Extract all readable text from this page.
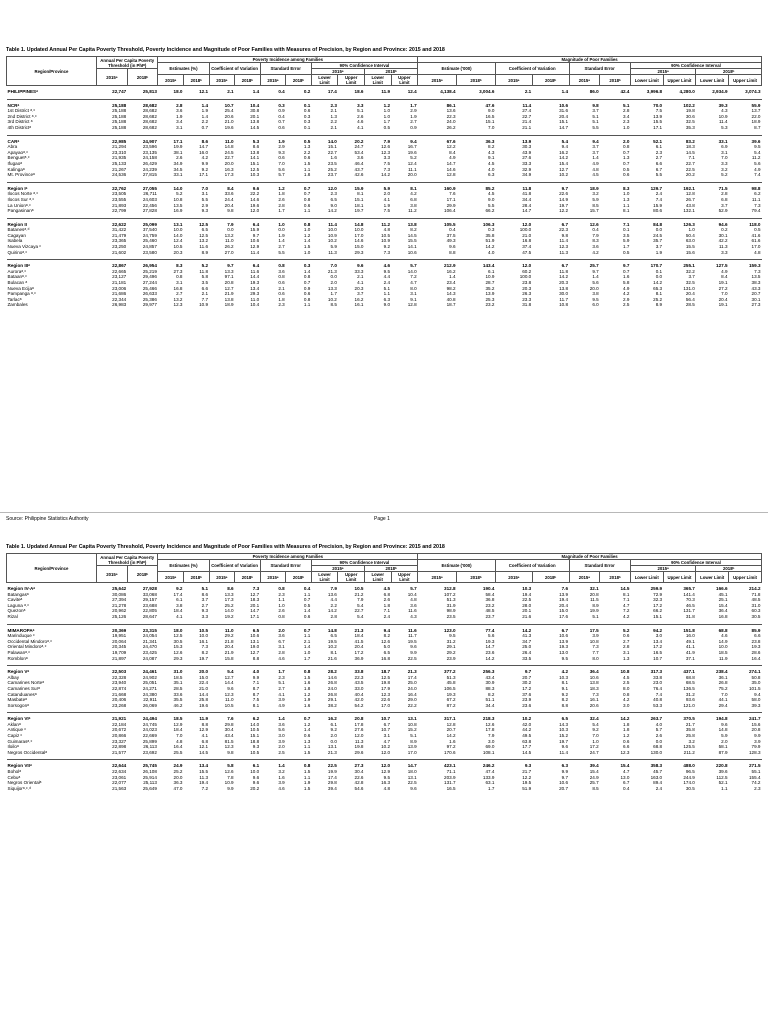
Table 1. Updated Annual Per Capita Poverty Threshold, Poverty Incidence and Magnitude of Poor Families with Measures of Precision, by Region and Province: 2015 and 2018
Region/Province	Annual Per Capita Poverty Threshold (in PhP)		Poverty Incidence among Families										Magnitude of Poor Families									
			Estimates (%)		Coefficient of Variation		Standard Error		90% Confidence Interval				Estimate ('000)		Coefficient of Variation		Standard Error		90% Confidence Interval			
	2015ᵃ	2018ᵇ							2015ᵃ		2018ᵇ								2015ᵃ		2018ᵇ	
			2015ᵃ	2018ᵇ	2015ᵃ	2018ᵇ	2015ᵃ	2018ᵇ	Lower Limit	Upper Limit	Lower Limit	Upper Limit	2015ᵃ	2018ᵇ	2015ᵃ	2018ᵇ	2015ᵃ	2018ᵇ	Lower Limit	Upper Limit	Lower Limit	Upper Limit
PHILIPPINESᵃ	22,747	25,813	18.0	12.1	2.1	1.4	0.4	0.2	17.4	18.6	11.9	12.4	4,138.4	3,004.6	2.1	1.4	86.0	42.4	3,996.8	4,280.0	2,934.9	3,074.3
NCRᵃ	25,188	28,682	2.8	1.4	10.7	10.4	0.3	0.1	2.3	3.3	1.2	1.7	86.1	47.6	11.4	10.6	9.8	5.1	70.0	102.2	39.3	55.9
1st District ᵃ˒ᶜ	25,188	28,682	3.6	1.9	25.4	30.8	0.9	0.6	2.1	5.1	1.0	2.9	13.6	9.0	27.4	31.6	3.7	2.8	7.5	19.8	4.3	13.7
2nd District ᵃ˒ᶜ	25,188	28,682	1.9	1.4	20.6	20.1	0.4	0.3	1.3	2.6	1.0	1.9	22.3	16.5	22.7	20.4	5.1	3.4	13.9	30.6	10.9	22.0
3rd District ᵃ	25,188	28,682	3.4	2.2	21.0	13.8	0.7	0.3	2.2	4.6	1.7	2.7	24.0	15.1	21.4	15.1	5.1	2.3	15.5	32.5	11.4	18.9
4th Districtᵃ	25,188	28,682	3.1	0.7	19.6	14.5	0.6	0.1	2.1	4.1	0.5	0.9	26.2	7.0	21.1	14.7	5.5	1.0	17.1	35.3	5.3	8.7
CARᵃ	22,985	24,907	17.1	8.6	11.0	5.3	1.9	0.5	14.0	20.2	7.9	9.4	67.6	36.3	13.9	5.4	9.4	2.0	52.1	83.2	33.1	39.6
Abra	21,294	23,596	19.9	14.7	14.8	8.6	2.9	1.3	15.1	24.7	12.6	16.7	12.2	8.2	30.3	9.4	3.7	0.8	6.1	18.3	6.9	9.5
Apayaoᵃ˒ᶜ	23,310	23,135	38.1	16.0	24.5	13.8	9.3	2.2	22.7	53.4	12.3	19.6	8.4	4.3	43.9	16.2	3.7	0.7	2.3	14.5	3.1	5.4
Benguetᵃ˒ᶜ	21,935	24,158	2.6	4.2	22.7	14.1	0.6	0.6	1.6	3.6	3.3	5.2	4.9	9.1	27.6	14.2	1.4	1.3	2.7	7.1	7.0	11.2
Ifugaoᵃ	25,133	26,429	34.9	9.9	20.0	15.1	7.0	1.5	23.5	46.4	7.5	12.4	14.7	4.5	33.3	15.4	4.9	0.7	6.6	22.7	3.3	5.6
Kalingaᵃ	21,267	24,239	34.5	9.2	16.3	12.5	5.6	1.1	25.2	43.7	7.3	11.1	14.6	4.0	32.9	12.7	4.8	0.5	6.7	22.5	3.2	4.9
Mt. Provinceᵃ	24,536	27,815	33.1	17.1	17.3	10.3	5.7	1.8	23.7	42.6	14.2	20.0	12.8	6.3	34.9	10.2	4.5	0.6	5.5	20.2	5.2	7.4
Region Iᵃ	22,762	27,055	14.0	7.0	8.4	9.6	1.2	0.7	12.0	15.9	5.9	8.1	160.9	85.2	11.8	9.7	18.9	8.3	129.7	192.1	71.5	98.8
Ilocos Norte ᵃ˒ᶜ	23,505	26,711	5.2	3.1	33.6	22.2	1.8	0.7	2.3	8.1	2.0	4.2	7.6	4.5	41.8	22.6	3.2	1.0	2.4	12.8	2.8	6.2
Ilocos Sur ᵃ˒ᶜ	23,555	24,603	10.8	5.5	24.4	14.6	2.6	0.8	6.5	15.1	4.1	6.8	17.1	9.0	34.4	14.9	5.9	1.3	7.4	26.7	6.8	11.1
La Unionᵃ˒ᶜ	21,893	22,456	13.5	2.9	20.4	19.6	2.8	0.6	9.0	18.1	1.9	3.8	29.9	5.5	28.4	19.7	8.5	1.1	15.9	43.8	3.7	7.3
Pangasinanᵃ	22,799	27,828	16.9	9.3	9.8	12.0	1.7	1.1	14.2	19.7	7.5	11.2	106.4	66.2	14.7	12.2	15.7	8.1	80.6	132.1	52.9	79.4
Region II	22,622	25,099	13.1	12.5	7.9	6.4	1.0	0.8	11.4	14.8	11.2	13.8	105.5	106.3	12.0	6.7	12.6	7.1	84.8	126.3	94.6	118.0
Batanesᵃ˒ᵈ	31,422	37,540	10.0	6.5	0.0	15.9	0.0	1.0	10.0	10.0	4.8	8.2	0.4	0.3	100.0	22.3	0.4	0.1	0.0	1.0	0.2	0.5
Cagayan	21,479	24,759	14.0	12.5	13.2	9.7	1.9	1.2	10.9	17.0	10.5	14.5	37.5	35.8	21.0	9.8	7.9	3.5	24.5	50.4	30.1	41.6
Isabela	23,365	25,460	12.4	13.2	11.0	10.6	1.4	1.4	10.2	14.6	10.9	15.5	49.3	51.9	16.8	11.4	8.3	5.9	35.7	63.0	42.2	61.6
Nueva Vizcaya ᶜ	23,250	24,857	10.5	11.6	26.2	12.9	2.7	1.5	5.9	15.0	9.2	14.1	9.6	14.2	37.4	12.3	3.6	1.7	3.7	15.5	11.3	17.0
Quirinoᵃ˒ᶜ	21,602	23,580	20.3	8.9	27.0	11.4	5.5	1.0	11.3	29.3	7.3	10.6	8.8	4.0	47.5	11.3	4.2	0.5	1.9	15.6	3.3	4.8
Region IIIᵃ	22,867	26,954	8.3	5.2	9.7	6.4	0.8	0.3	7.0	9.6	4.6	5.7	212.9	143.4	12.0	6.7	25.7	9.7	170.7	255.1	127.5	159.3
Auroraᵃ˒ᶜ	22,665	25,219	27.3	11.8	13.3	11.6	3.6	1.4	21.3	33.3	9.5	14.0	16.2	6.1	60.2	11.8	9.7	0.7	0.1	32.2	4.9	7.3
Bataanᵃ˒ᶜ	23,127	29,496	0.8	5.8	97.1	14.4	0.8	0.8	0.0	2.1	4.4	7.2	1.4	10.9	100.0	14.2	1.4	1.6	0.0	3.7	8.4	13.5
Bulacan ᵃ	21,181	27,244	3.1	3.5	20.8	19.3	0.6	0.7	2.0	4.1	2.4	4.7	23.4	28.7	23.8	20.3	5.6	5.8	14.2	32.5	19.1	38.3
Nueva Ecijaᵃ	23,006	25,466	16.8	6.6	12.7	13.4	2.1	0.9	13.3	20.3	5.1	8.0	98.2	35.2	20.3	13.8	20.0	4.9	65.3	131.0	27.2	43.3
Pampanga ᵃ˒ᶜ	21,686	26,633	2.7	2.1	21.9	29.3	0.6	0.6	1.7	3.7	1.1	3.1	14.3	13.9	26.3	30.0	3.8	4.2	8.1	20.4	7.0	20.7
Tarlacᵃ	22,344	25,386	13.2	7.7	13.8	11.0	1.8	0.8	10.2	16.2	6.3	9.1	40.8	25.3	23.3	11.7	9.5	2.9	25.2	56.4	20.4	30.1
Zambales	26,983	29,977	12.3	10.9	18.9	10.4	2.3	1.1	8.5	16.1	9.0	12.8	18.7	23.2	31.8	10.8	6.0	2.5	8.9	28.5	19.1	27.3
Source: Philippine Statistics Authority	Page 1
Table 1. Updated Annual Per Capita Poverty Threshold, Poverty Incidence and Magnitude of Poor Families with Measures of Precision, by Region and Province: 2015 and 2018
Region/Province	Annual Per Capita Poverty Threshold (in PhP)		Poverty Incidence among Families										Magnitude of Poor Families									
			Estimates (%)		Coefficient of Variation		Standard Error		90% Confidence Interval				Estimate ('000)		Coefficient of Variation		Standard Error		90% Confidence Interval			
	2015ᵃ	2018ᵇ							2015ᵃ		2018ᵇ								2015ᵃ		2018ᵇ	
			2015ᵃ	2018ᵇ	2015ᵃ	2018ᵇ	2015ᵃ	2018ᵇ	Lower Limit	Upper Limit	Lower Limit	Upper Limit	2015ᵃ	2018ᵇ	2015ᵃ	2018ᵇ	2015ᵃ	2018ᵇ	Lower Limit	Upper Limit	Lower Limit	Upper Limit
Region IV-Aᵃ	25,642	27,928	9.2	5.1	8.6	7.3	0.8	0.4	7.9	10.5	4.5	5.7	312.8	190.4	10.3	7.6	32.1	14.5	259.9	365.7	166.6	214.2
Batangasᵃ	30,086	33,068	17.4	8.6	13.3	12.7	2.3	1.1	13.6	21.2	6.8	10.4	107.2	58.4	19.4	13.9	20.8	8.1	72.9	141.4	45.1	71.8
Caviteᵃ	27,394	29,157	6.1	3.7	17.3	18.3	1.1	0.7	4.4	7.9	2.6	4.8	51.3	36.8	22.5	19.4	11.5	7.1	32.3	70.3	25.1	48.5
Laguna ᵃ˒ᶜ	21,278	23,688	3.8	2.7	25.2	20.1	1.0	0.5	2.2	5.4	1.8	3.6	31.9	23.2	28.0	20.4	8.9	4.7	17.2	46.5	15.4	31.0
Quezonᵃ	20,962	22,805	18.4	9.3	14.0	14.7	2.6	1.4	14.2	22.7	7.1	11.6	98.9	48.5	20.1	15.0	19.9	7.2	66.2	131.7	36.4	60.3
Rizal	25,126	28,647	4.1	3.3	19.2	17.1	0.8	0.6	2.8	5.4	2.4	4.3	23.5	23.7	21.6	17.6	5.1	4.2	15.1	31.8	16.8	30.5
MIMAROPAᵃ	20,369	23,315	18.0	10.5	11.0	6.5	2.0	0.7	14.8	21.3	9.4	11.6	123.0	77.4	14.2	6.7	17.5	5.2	94.2	151.8	68.8	85.9
Marinduque ᶜ	19,951	24,054	12.5	10.0	29.2	10.6	3.6	1.1	6.5	18.4	8.2	11.7	9.5	5.6	41.3	10.6	3.9	0.6	3.0	16.0	4.6	6.6
Occidental Mindoroᵃ˒ᶜ	20,064	21,341	30.5	16.1	21.8	13.1	6.7	2.1	19.5	41.5	12.6	19.5	31.2	19.3	34.7	13.9	10.8	2.7	13.4	49.1	14.9	23.8
Oriental Mindoroᵃ˒ᶜ	20,345	24,470	15.3	7.3	20.4	19.0	3.1	1.4	10.2	20.4	5.0	9.6	29.1	14.7	25.0	19.3	7.3	2.8	17.2	41.1	10.0	19.3
Palawanᵃ˒ᶜ	19,709	23,425	12.6	8.2	21.9	12.7	2.8	1.0	8.1	17.2	6.5	9.9	29.2	23.6	26.4	13.0	7.7	3.1	16.5	41.9	18.5	28.6
Romblonᵃ	21,897	24,087	29.3	19.7	15.8	8.8	4.6	1.7	21.6	36.9	16.8	22.5	23.9	14.2	33.5	9.5	8.0	1.3	10.7	37.1	11.9	16.4
Region Vᵃ	22,503	24,461	31.0	20.0	5.4	4.0	1.7	0.8	28.2	33.8	18.7	21.3	377.2	256.3	9.7	4.2	36.4	10.8	317.3	437.1	238.4	274.1
Albay	22,328	24,902	18.5	15.0	12.7	9.9	2.3	1.5	14.6	22.3	12.5	17.4	51.3	43.4	20.7	10.3	10.6	4.5	33.8	68.8	36.1	50.8
Camarines Norteᵃ	23,940	25,051	35.1	22.4	14.4	7.1	5.1	1.6	26.8	43.5	19.8	25.0	45.8	30.9	30.2	8.1	13.8	2.5	23.0	68.5	26.8	35.0
Camarines Surᵃ	22,874	24,271	28.5	21.0	9.6	8.7	2.7	1.8	24.0	33.0	17.9	24.0	106.5	88.3	17.2	9.1	18.3	8.0	76.4	136.5	75.2	101.5
Catanduanesᵃ	21,668	24,380	33.6	14.4	12.3	8.7	4.1	1.2	26.8	40.4	12.3	16.4	19.3	8.2	37.6	9.2	7.3	0.8	7.4	31.2	7.0	9.4
Masbateᵃ	20,406	22,911	35.5	25.8	11.0	7.5	3.9	1.9	29.1	42.0	22.6	29.0	67.2	51.1	23.9	8.2	16.1	4.2	40.8	93.6	44.1	58.0
Sorsogonᵃ	23,268	26,069	46.2	19.6	10.5	8.1	4.9	1.6	38.2	54.2	17.0	22.2	87.2	34.4	23.6	8.8	20.6	3.0	53.3	121.0	29.4	39.3
Region VIᵃ	21,921	24,494	18.5	11.9	7.6	6.2	1.4	0.7	16.2	20.8	10.7	13.1	317.1	218.3	10.2	6.5	32.4	14.2	263.7	370.5	194.8	241.7
Aklanᵃ	22,184	24,745	12.9	8.8	29.8	14.0	3.6	1.2	6.1	17.8	6.7	10.8	12.8	12.6	42.0	14.3	5.4	1.8	4.0	21.7	9.6	15.6
Antique ᶜ	20,672	24,023	18.4	12.9	30.4	10.5	5.6	1.4	9.2	27.6	10.7	15.2	20.7	17.8	44.2	10.3	9.2	1.8	5.7	35.8	14.8	20.8
Capiz ᶜ	20,866	22,669	7.0	4.1	43.4	15.1	3.0	0.6	2.0	12.0	3.1	5.1	14.2	7.9	49.5	15.2	7.0	1.2	2.6	25.8	5.9	9.9
Guimarasᵃ˒ᶜ	23,327	25,899	4.8	6.8	81.5	18.8	3.9	1.3	0.0	11.3	4.7	8.9	1.6	3.0	63.8	19.7	1.0	0.6	0.0	3.2	2.0	3.9
Iloiloᵃ	22,898	26,113	16.4	12.1	12.3	9.3	2.0	1.1	13.1	19.8	10.2	13.9	97.2	69.0	17.7	9.6	17.2	6.6	68.8	125.5	58.1	79.9
Negros Occidentalᵃ	21,577	23,692	25.5	14.5	9.8	10.5	2.5	1.5	21.3	29.6	12.0	17.0	170.6	108.1	14.5	11.4	24.7	12.3	130.0	211.2	87.9	128.3
Region VIIᵃ	22,644	25,745	24.9	13.4	5.8	6.1	1.4	0.8	22.5	27.3	12.0	14.7	423.1	246.2	9.3	6.3	39.4	15.4	358.3	488.0	220.8	271.5
Boholᵃ	22,634	26,108	25.2	15.5	12.6	10.0	3.2	1.5	19.9	30.4	12.9	18.0	71.1	47.4	21.7	9.9	15.4	4.7	45.7	96.5	39.6	55.1
Cebuᵃ	23,061	25,914	20.0	11.3	7.8	9.6	1.6	1.1	17.4	22.6	9.5	13.1	203.9	133.9	12.2	9.7	24.9	13.0	163.0	244.9	112.5	155.4
Negros Orientalᵃ	22,077	25,113	36.3	19.4	10.9	9.6	3.9	1.9	29.8	42.8	16.3	22.5	131.7	63.1	19.5	10.6	25.7	6.7	89.4	174.0	52.1	74.2
Siquijorᵃ˒ᶜ˒ᵈ	21,563	25,649	47.0	7.2	9.9	20.2	4.6	1.5	39.4	54.6	4.8	9.6	16.5	1.7	51.9	20.7	8.5	0.4	2.4	30.5	1.1	2.3
